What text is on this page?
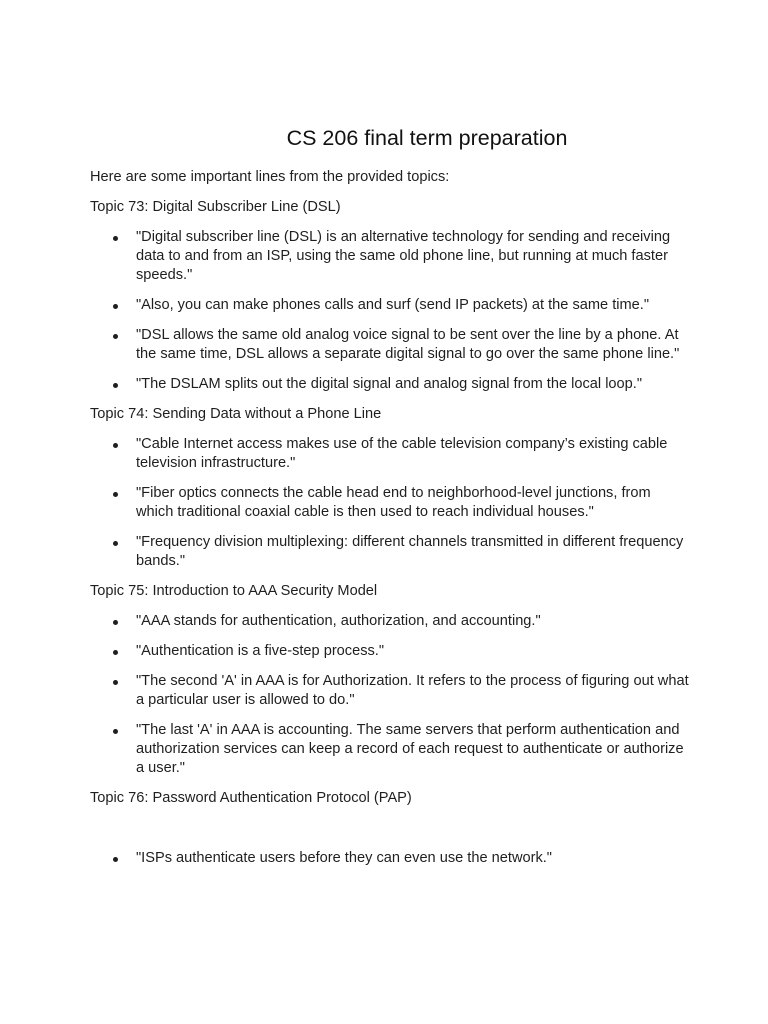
CS 206 final term preparation

Here are some important lines from the provided topics:

Topic 73: Digital Subscriber Line (DSL)

"Digital subscriber line (DSL) is an alternative technology for sending and receiving data to and from an ISP, using the same old phone line, but running at much faster speeds."
"Also, you can make phones calls and surf (send IP packets) at the same time."
"DSL allows the same old analog voice signal to be sent over the line by a phone. At the same time, DSL allows a separate digital signal to go over the same phone line."
"The DSLAM splits out the digital signal and analog signal from the local loop."

Topic 74: Sending Data without a Phone Line

"Cable Internet access makes use of the cable television company’s existing cable television infrastructure."
"Fiber optics connects the cable head end to neighborhood-level junctions, from which traditional coaxial cable is then used to reach individual houses."
"Frequency division multiplexing: different channels transmitted in different frequency bands."

Topic 75: Introduction to AAA Security Model

"AAA stands for authentication, authorization, and accounting."
"Authentication is a five-step process."
"The second 'A' in AAA is for Authorization. It refers to the process of figuring out what a particular user is allowed to do."
"The last 'A' in AAA is accounting. The same servers that perform authentication and authorization services can keep a record of each request to authenticate or authorize a user."

Topic 76: Password Authentication Protocol (PAP)

"ISPs authenticate users before they can even use the network."
